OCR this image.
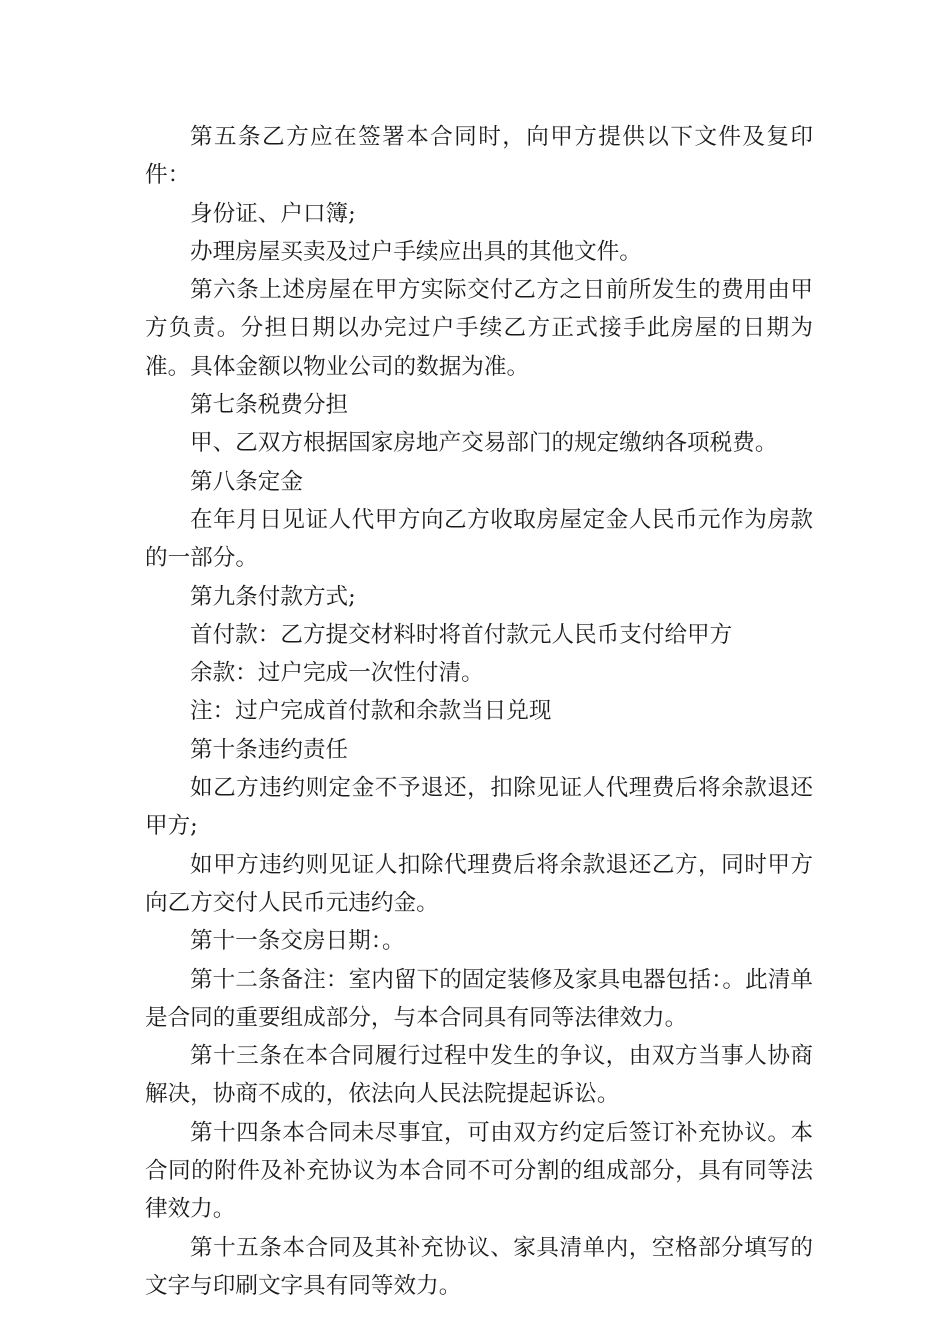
第五条乙方应在签署本合同时，向甲方提供以下文件及复印件：

身份证、户口簿;

办理房屋买卖及过户手续应出具的其他文件。

第六条上述房屋在甲方实际交付乙方之日前所发生的费用由甲方负责。分担日期以办完过户手续乙方正式接手此房屋的日期为准。具体金额以物业公司的数据为准。

第七条税费分担

甲、乙双方根据国家房地产交易部门的规定缴纳各项税费。

第八条定金

在年月日见证人代甲方向乙方收取房屋定金人民币元作为房款的一部分。

第九条付款方式;

首付款：乙方提交材料时将首付款元人民币支付给甲方

余款：过户完成一次性付清。

注：过户完成首付款和余款当日兑现

第十条违约责任

如乙方违约则定金不予退还，扣除见证人代理费后将余款退还甲方;

如甲方违约则见证人扣除代理费后将余款退还乙方，同时甲方向乙方交付人民币元违约金。

第十一条交房日期：。

第十二条备注：室内留下的固定装修及家具电器包括：。此清单是合同的重要组成部分，与本合同具有同等法律效力。

第十三条在本合同履行过程中发生的争议，由双方当事人协商解决，协商不成的，依法向人民法院提起诉讼。

第十四条本合同未尽事宜，可由双方约定后签订补充协议。本合同的附件及补充协议为本合同不可分割的组成部分，具有同等法律效力。

第十五条本合同及其补充协议、家具清单内，空格部分填写的文字与印刷文字具有同等效力。
